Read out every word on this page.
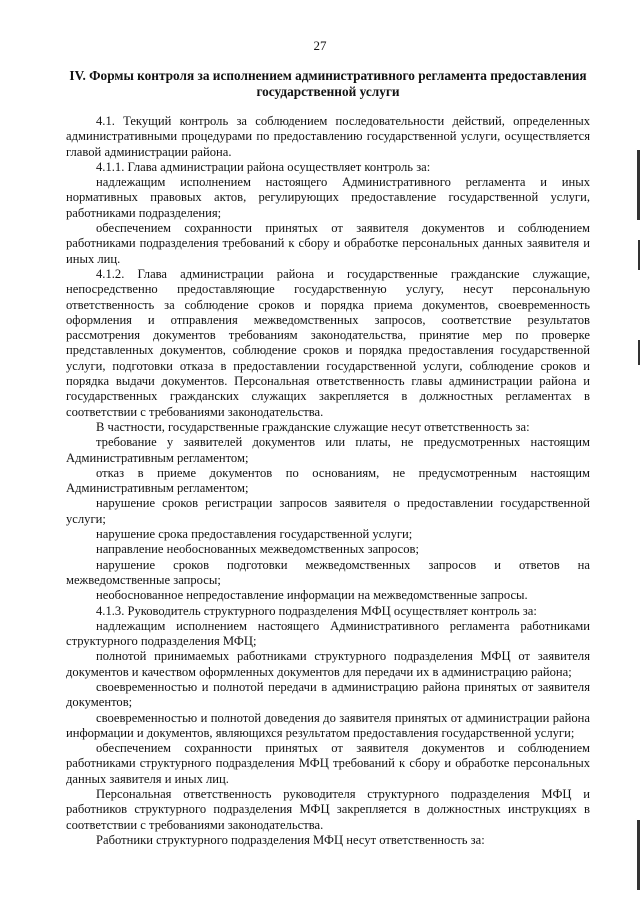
27
IV. Формы контроля за исполнением административного регламента предоставления
государственной услуги

4.1. Текущий контроль за соблюдением последовательности действий, определенных административными процедурами по предоставлению государственной услуги, осуществляется главой администрации района.

4.1.1. Глава администрации района осуществляет контроль за:

надлежащим исполнением настоящего Административного регламента и иных нормативных правовых актов, регулирующих предоставление государственной услуги, работниками подразделения;

обеспечением сохранности принятых от заявителя документов и соблюдением работниками подразделения требований к сбору и обработке персональных данных заявителя и иных лиц.

4.1.2. Глава администрации района и государственные гражданские служащие, непосредственно предоставляющие государственную услугу, несут персональную ответственность за соблюдение сроков и порядка приема документов, своевременность оформления и отправления межведомственных запросов, соответствие результатов рассмотрения документов требованиям законодательства, принятие мер по проверке представленных документов, соблюдение сроков и порядка предоставления государственной услуги, подготовки отказа в предоставлении государственной услуги, соблюдение сроков и порядка выдачи документов. Персональная ответственность главы администрации района и государственных гражданских служащих закрепляется в должностных регламентах в соответствии с требованиями законодательства.

В частности, государственные гражданские служащие несут ответственность за:

требование у заявителей документов или платы, не предусмотренных настоящим Административным регламентом;

отказ в приеме документов по основаниям, не предусмотренным настоящим Административным регламентом;

нарушение сроков регистрации запросов заявителя о предоставлении государственной услуги;

нарушение срока предоставления государственной услуги;

направление необоснованных межведомственных запросов;

нарушение сроков подготовки межведомственных запросов и ответов на межведомственные запросы;

необоснованное непредоставление информации на межведомственные запросы.

4.1.3. Руководитель структурного подразделения МФЦ осуществляет контроль за:

надлежащим исполнением настоящего Административного регламента работниками структурного подразделения МФЦ;

полнотой принимаемых работниками структурного подразделения МФЦ от заявителя документов и качеством оформленных документов для передачи их в администрацию района;

своевременностью и полнотой передачи в администрацию района принятых от заявителя документов;

своевременностью и полнотой доведения до заявителя принятых от администрации района информации и документов, являющихся результатом предоставления государственной услуги;

обеспечением сохранности принятых от заявителя документов и соблюдением работниками структурного подразделения МФЦ требований к сбору и обработке персональных данных заявителя и иных лиц.

Персональная ответственность руководителя структурного подразделения МФЦ и работников структурного подразделения МФЦ закрепляется в должностных инструкциях в соответствии с требованиями законодательства.

Работники структурного подразделения МФЦ несут ответственность за:
